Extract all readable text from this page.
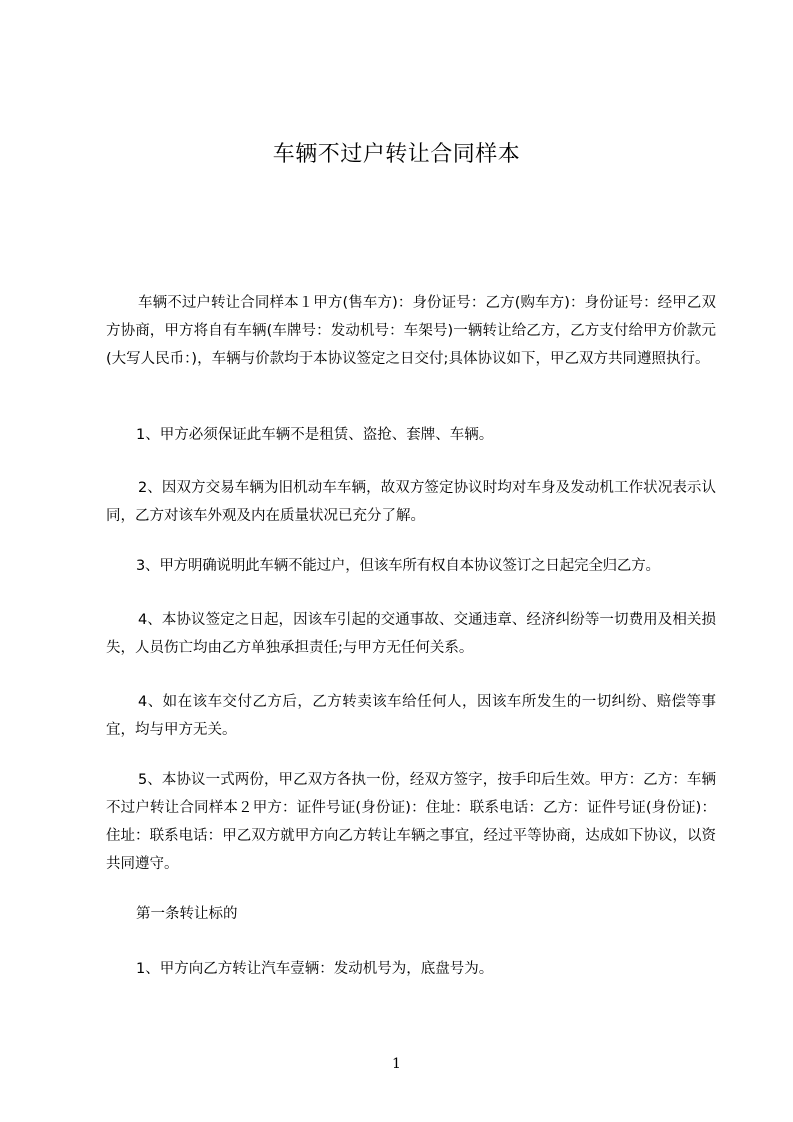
车辆不过户转让合同样本

车辆不过户转让合同样本１甲方(售车方)：身份证号：乙方(购车方)：身份证号：经甲乙双方协商，甲方将自有车辆(车牌号：发动机号：车架号)一辆转让给乙方，乙方支付给甲方价款元(大写人民币：)，车辆与价款均于本协议签定之日交付;具体协议如下，甲乙双方共同遵照执行。

1、甲方必须保证此车辆不是租赁、盗抢、套牌、车辆。

2、因双方交易车辆为旧机动车车辆，故双方签定协议时均对车身及发动机工作状况表示认同，乙方对该车外观及内在质量状况已充分了解。

3、甲方明确说明此车辆不能过户，但该车所有权自本协议签订之日起完全归乙方。

4、本协议签定之日起，因该车引起的交通事故、交通违章、经济纠纷等一切费用及相关损失，人员伤亡均由乙方单独承担责任;与甲方无任何关系。

4、如在该车交付乙方后，乙方转卖该车给任何人，因该车所发生的一切纠纷、赔偿等事宜，均与甲方无关。

5、本协议一式两份，甲乙双方各执一份，经双方签字，按手印后生效。甲方：乙方：车辆不过户转让合同样本２甲方：证件号证(身份证)：住址：联系电话：乙方：证件号证(身份证)：住址：联系电话：甲乙双方就甲方向乙方转让车辆之事宜，经过平等协商，达成如下协议，以资共同遵守。

第一条转让标的

1、甲方向乙方转让汽车壹辆：发动机号为，底盘号为。

1
